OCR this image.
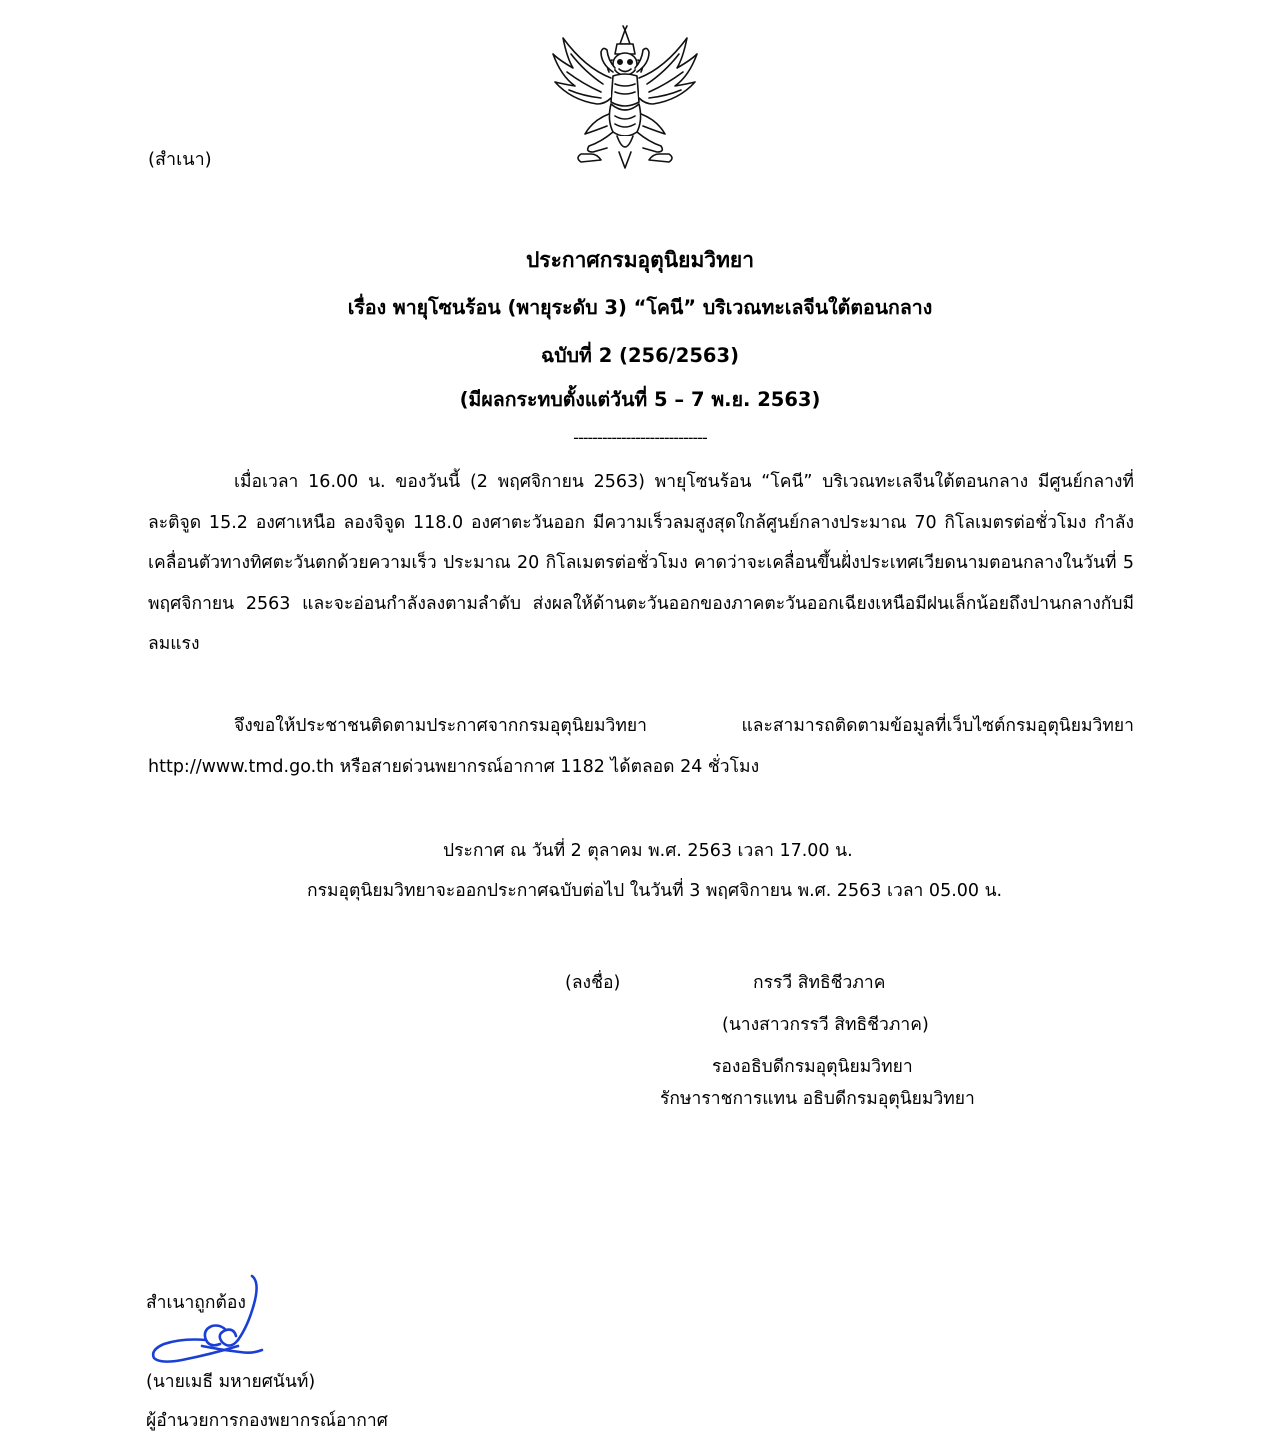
(สำเนา)
ประกาศกรมอุตุนิยมวิทยา
เรื่อง พายุโซนร้อน (พายุระดับ 3) “โคนี” บริเวณทะเลจีนใต้ตอนกลาง
ฉบับที่ 2 (256/2563)
(มีผลกระทบตั้งแต่วันที่ 5 – 7 พ.ย. 2563)
----------------------------
เมื่อเวลา 16.00 น. ของวันนี้ (2 พฤศจิกายน 2563) พายุโซนร้อน “โคนี” บริเวณทะเลจีนใต้ตอนกลาง มีศูนย์กลางที่ละติจูด 15.2 องศาเหนือ ลองจิจูด 118.0 องศาตะวันออก มีความเร็วลมสูงสุดใกล้ศูนย์กลางประมาณ 70 กิโลเมตรต่อชั่วโมง กำลังเคลื่อนตัวทางทิศตะวันตกด้วยความเร็ว ประมาณ 20 กิโลเมตรต่อชั่วโมง คาดว่าจะเคลื่อนขึ้นฝั่งประเทศเวียดนามตอนกลางในวันที่ 5 พฤศจิกายน 2563 และจะอ่อนกำลังลงตามลำดับ ส่งผลให้ด้านตะวันออกของภาคตะวันออกเฉียงเหนือมีฝนเล็กน้อยถึงปานกลางกับมีลมแรง
จึงขอให้ประชาชนติดตามประกาศจากกรมอุตุนิยมวิทยา และสามารถติดตามข้อมูลที่เว็บไซต์กรมอุตุนิยมวิทยา http://www.tmd.go.th หรือสายด่วนพยากรณ์อากาศ 1182 ได้ตลอด 24 ชั่วโมง
ประกาศ ณ วันที่ 2 ตุลาคม พ.ศ. 2563 เวลา 17.00 น.
กรมอุตุนิยมวิทยาจะออกประกาศฉบับต่อไป ในวันที่ 3 พฤศจิกายน พ.ศ. 2563 เวลา 05.00 น.
(ลงชื่อ)	กรรวี สิทธิชีวภาค
(นางสาวกรรวี สิทธิชีวภาค)
รองอธิบดีกรมอุตุนิยมวิทยา
รักษาราชการแทน อธิบดีกรมอุตุนิยมวิทยา
สำเนาถูกต้อง
(นายเมธี มหายศนันท์)
ผู้อำนวยการกองพยากรณ์อากาศ
